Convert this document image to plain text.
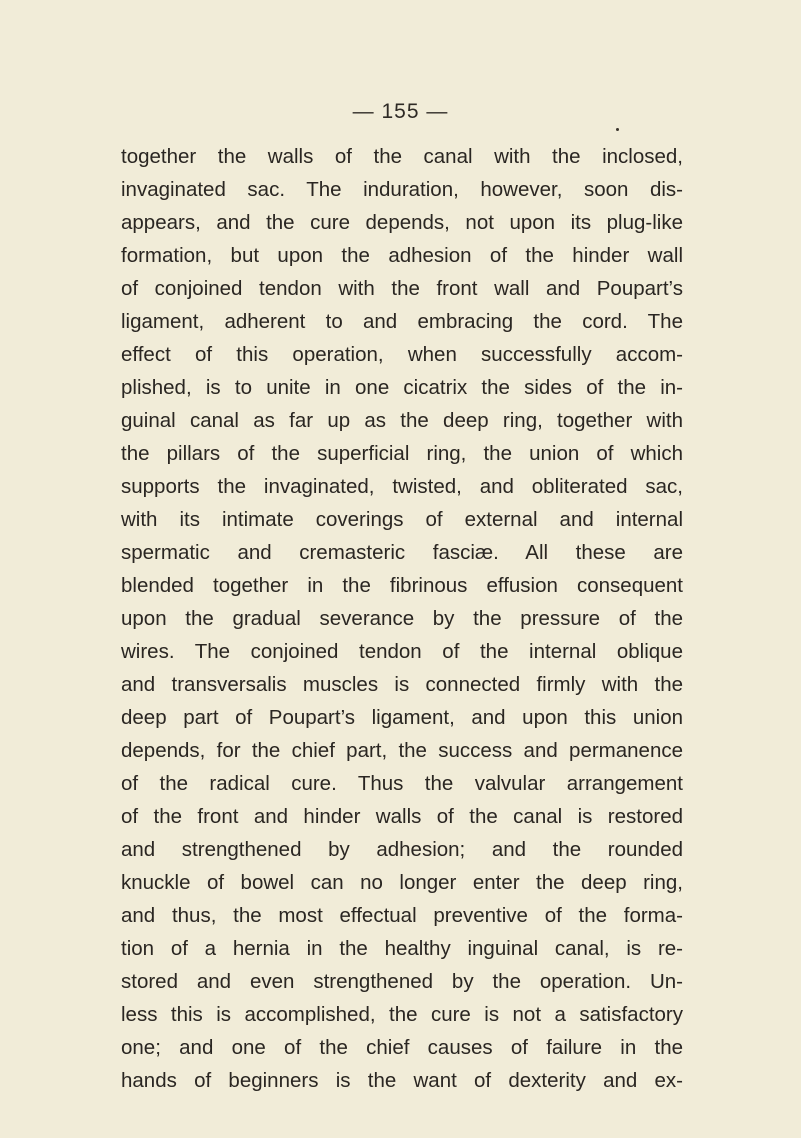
— 155 —
together the walls of the canal with the inclosed,
invaginated sac. The induration, however, soon dis-
appears, and the cure depends, not upon its plug-like
formation, but upon the adhesion of the hinder wall
of conjoined tendon with the front wall and Poupart’s
ligament, adherent to and embracing the cord. The
effect of this operation, when successfully accom-
plished, is to unite in one cicatrix the sides of the in-
guinal canal as far up as the deep ring, together with
the pillars of the superficial ring, the union of which
supports the invaginated, twisted, and obliterated sac,
with its intimate coverings of external and internal
spermatic and cremasteric fasciæ. All these are
blended together in the fibrinous effusion consequent
upon the gradual severance by the pressure of the
wires. The conjoined tendon of the internal oblique
and transversalis muscles is connected firmly with the
deep part of Poupart’s ligament, and upon this union
depends, for the chief part, the success and permanence
of the radical cure. Thus the valvular arrangement
of the front and hinder walls of the canal is restored
and strengthened by adhesion; and the rounded
knuckle of bowel can no longer enter the deep ring,
and thus, the most effectual preventive of the forma-
tion of a hernia in the healthy inguinal canal, is re-
stored and even strengthened by the operation. Un-
less this is accomplished, the cure is not a satisfactory
one; and one of the chief causes of failure in the
hands of beginners is the want of dexterity and ex-
